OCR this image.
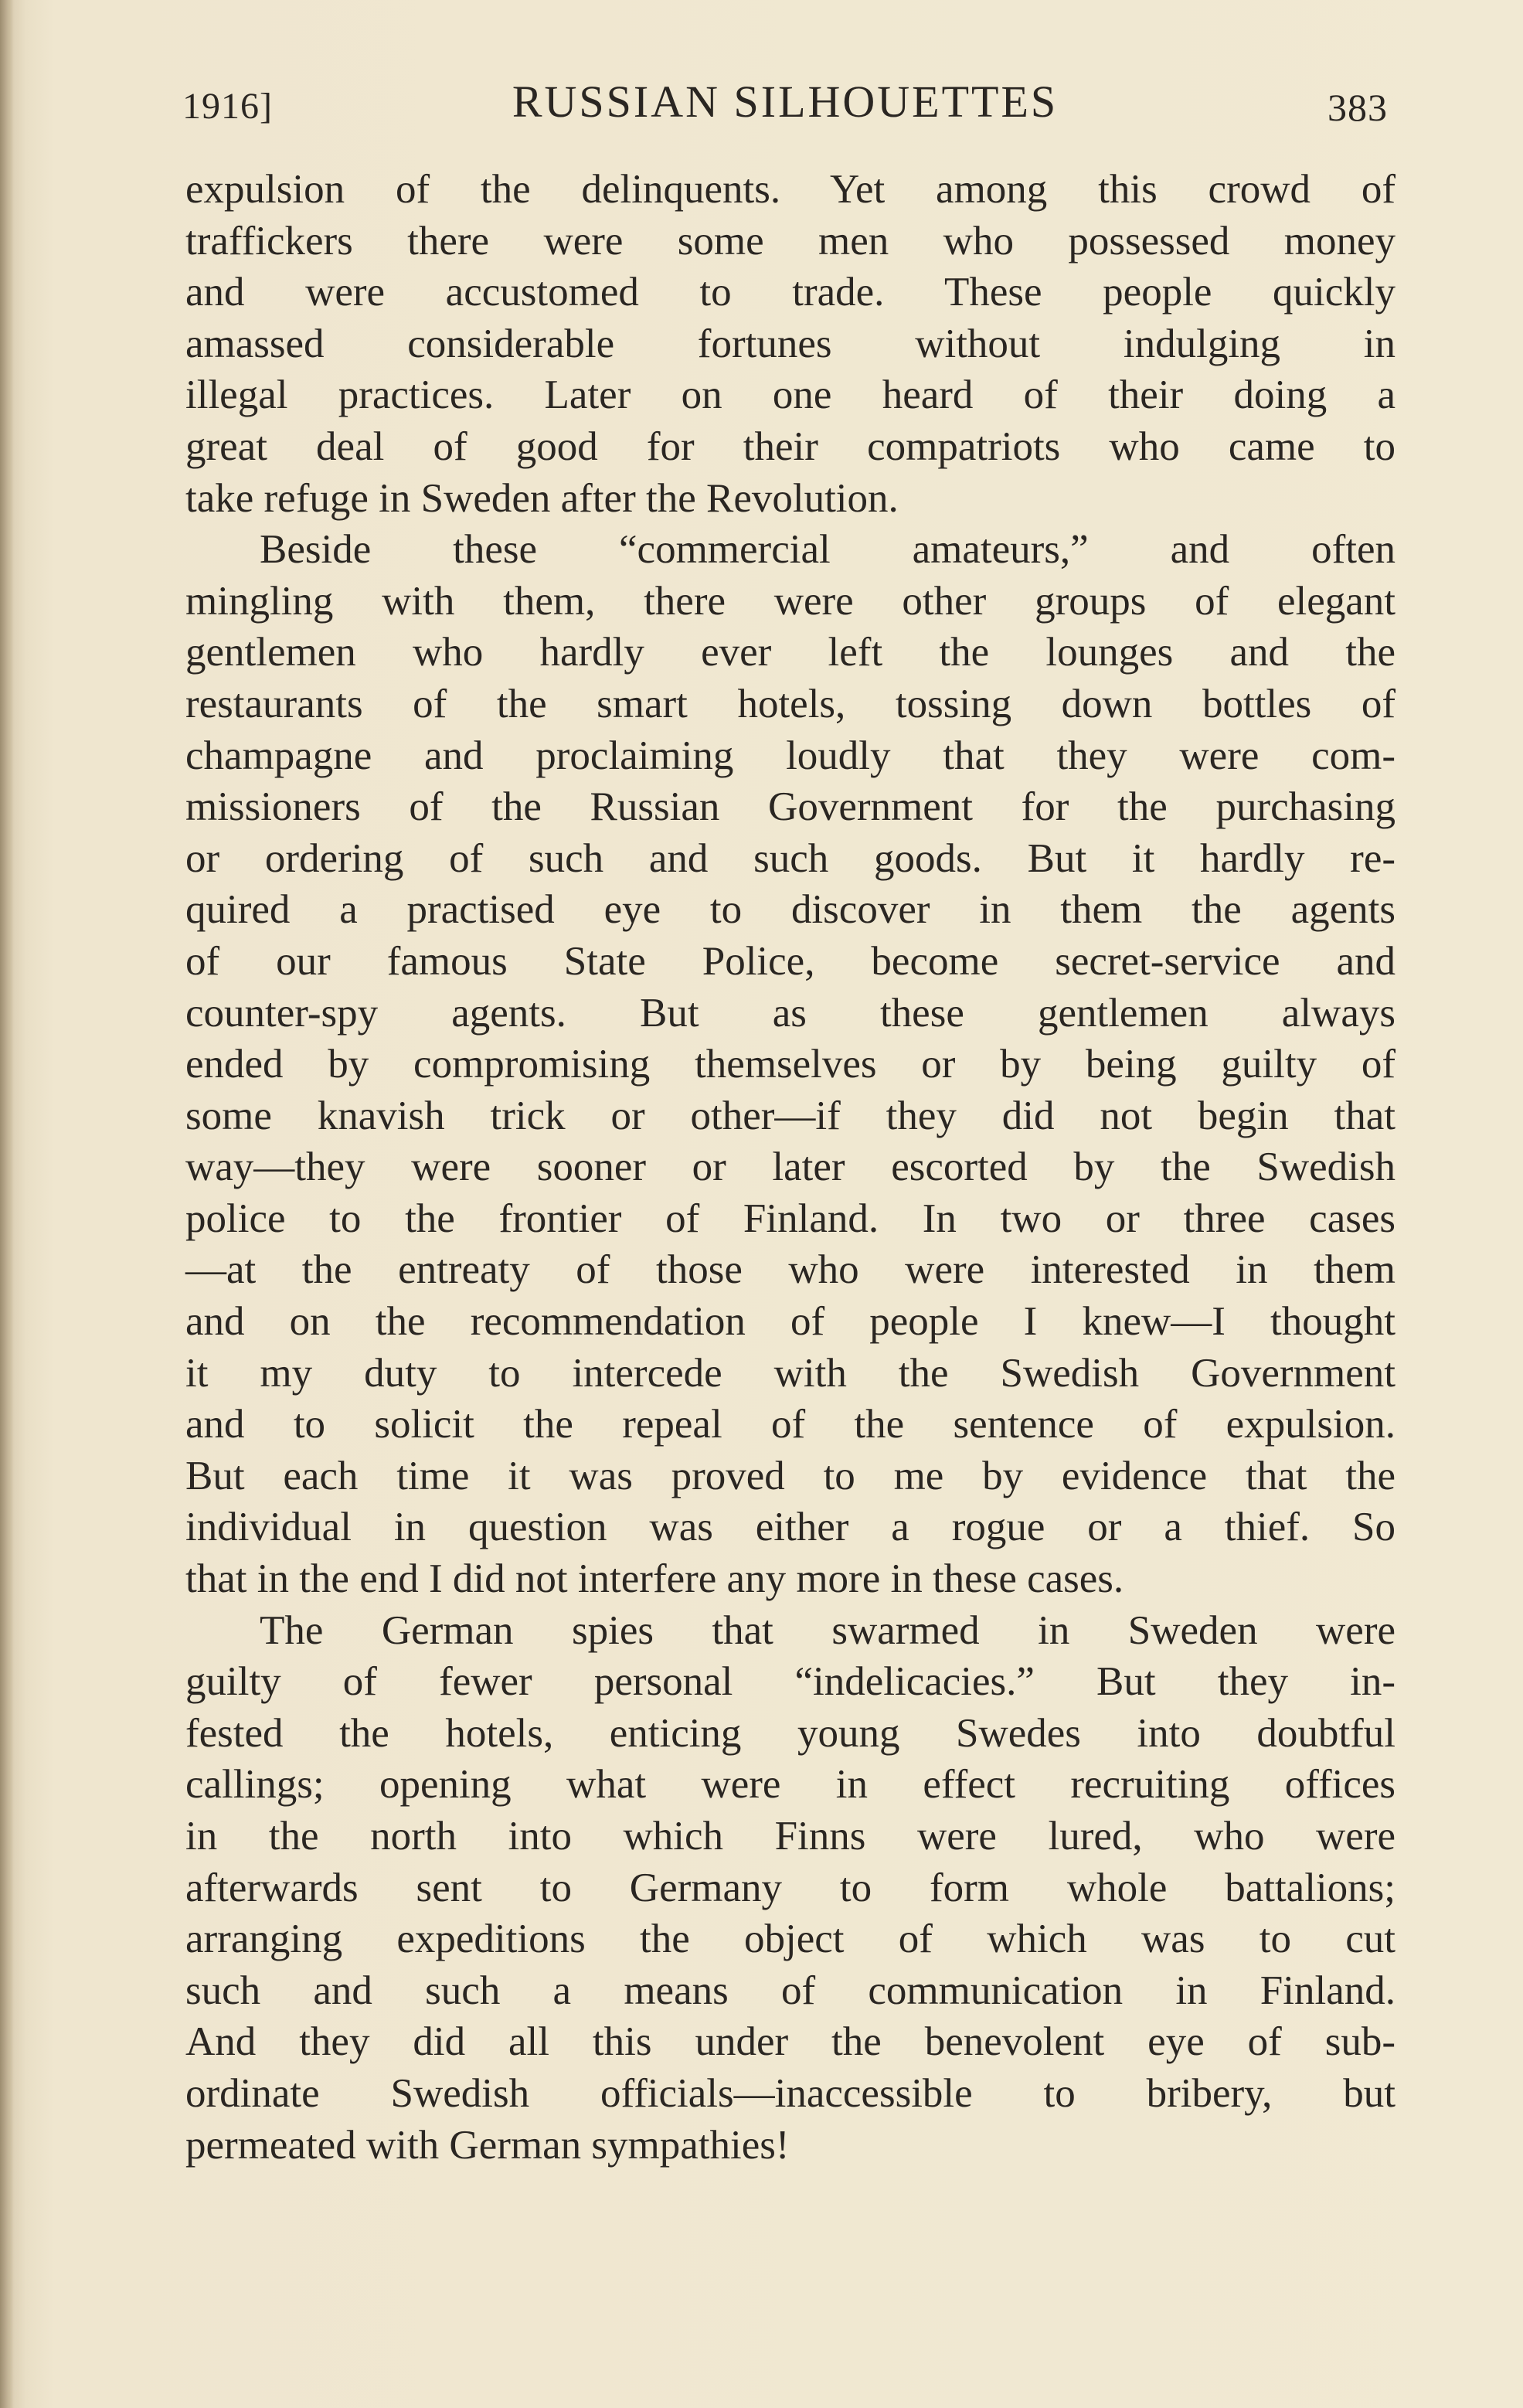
1916]	RUSSIAN SILHOUETTES	383
expulsion of the delinquents. Yet among this crowd of
traffickers there were some men who possessed money
and were accustomed to trade. These people quickly
amassed considerable fortunes without indulging in
illegal practices. Later on one heard of their doing a
great deal of good for their compatriots who came to
take refuge in Sweden after the Revolution.
Beside these “commercial amateurs,” and often
mingling with them, there were other groups of elegant
gentlemen who hardly ever left the lounges and the
restaurants of the smart hotels, tossing down bottles of
champagne and proclaiming loudly that they were com-
missioners of the Russian Government for the purchasing
or ordering of such and such goods. But it hardly re-
quired a practised eye to discover in them the agents
of our famous State Police, become secret-service and
counter-spy agents. But as these gentlemen always
ended by compromising themselves or by being guilty of
some knavish trick or other—if they did not begin that
way—they were sooner or later escorted by the Swedish
police to the frontier of Finland. In two or three cases
—at the entreaty of those who were interested in them
and on the recommendation of people I knew—I thought
it my duty to intercede with the Swedish Government
and to solicit the repeal of the sentence of expulsion.
But each time it was proved to me by evidence that the
individual in question was either a rogue or a thief. So
that in the end I did not interfere any more in these cases.
The German spies that swarmed in Sweden were
guilty of fewer personal “indelicacies.” But they in-
fested the hotels, enticing young Swedes into doubtful
callings; opening what were in effect recruiting offices
in the north into which Finns were lured, who were
afterwards sent to Germany to form whole battalions;
arranging expeditions the object of which was to cut
such and such a means of communication in Finland.
And they did all this under the benevolent eye of sub-
ordinate Swedish officials—inaccessible to bribery, but
permeated with German sympathies!
